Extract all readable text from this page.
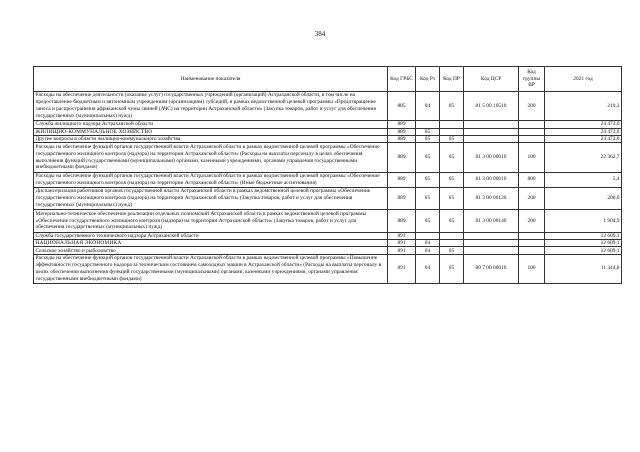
384
Наименование показателя	Код ГРБС	Код Рз	Код ПР	Код ЦСР	Код группы ВР	2021 год
Расходы на обеспечение деятельности (оказание услуг) государственных учреждений (организаций) Астраханской области, в том числе на предоставление бюджетным и автономным учреждениям (организациям) субсидий, в рамках ведомственной целевой программы «Предотвращение заноса и распространения африканской чумы свиней (АЧС) на территории Астраханской области» (Закупка товаров, работ и услуг для обеспечения государственных (муниципальных) нужд)	885	04	05	81 5 00 10510	200	210,3
Служба жилищного надзора Астраханской области	889					24 473,0
ЖИЛИЩНО-КОММУНАЛЬНОЕ ХОЗЯЙСТВО	889	05				24 473,0
Другие вопросы в области жилищно-коммунального хозяйства	889	05	05			24 473,0
Расходы на обеспечение функций органов государственной власти Астраханской области в рамках ведомственной целевой программы «Обеспечение государственного жилищного контроля (надзора) на территории Астраханской области» (Расходы на выплаты персоналу в целях обеспечения выполнения функций государственными (муниципальными) органами, казенными учреждениями, органами управления государственными внебюджетными фондами)	889	05	05	81 3 00 00010	100	22 362,7
Расходы на обеспечение функций органов государственной власти Астраханской области в рамках ведомственной целевой программы «Обеспечение государственного жилищного контроля (надзора) на территории Астраханской области» (Иные бюджетные ассигнования)	889	05	05	81 3 00 00010	800	5,4
Диспансеризация работников органов государственной власти Астраханской области в рамках ведомственной целевой программы «Обеспечение государственного жилищного контроля (надзора) на территории Астраханской области» (Закупка товаров, работ и услуг для обеспечения государственных (муниципальных) нужд)	889	05	05	81 3 00 00120	200	200,0
Материально-техническое обеспечение реализации отдельных полномочий Астраханской области в рамках ведомственной целевой программы «Обеспечение государственного жилищного контроля (надзора) на территории Астраханской области» (Закупка товаров, работ и услуг для обеспечения государственных (муниципальных) нужд)	889	05	05	81 3 00 00140	200	1 904,9
Служба государственного технического надзора Астраханской области	891					12 609,1
НАЦИОНАЛЬНАЯ ЭКОНОМИКА	891	04				12 609,1
Сельское хозяйство и рыболовство	891	04	05			12 609,1
Расходы на обеспечение функций органов государственной власти Астраханской области в рамках ведомственной целевой программы «Повышение эффективности государственного надзора за техническим состоянием самоходных машин в Астраханской области» (Расходы на выплаты персоналу в целях обеспечения выполнения функций государственными (муниципальными) органами, казенными учреждениями, органами управления государственными внебюджетными фондами)	891	04	05	80 7 00 00010	100	11 344,8
